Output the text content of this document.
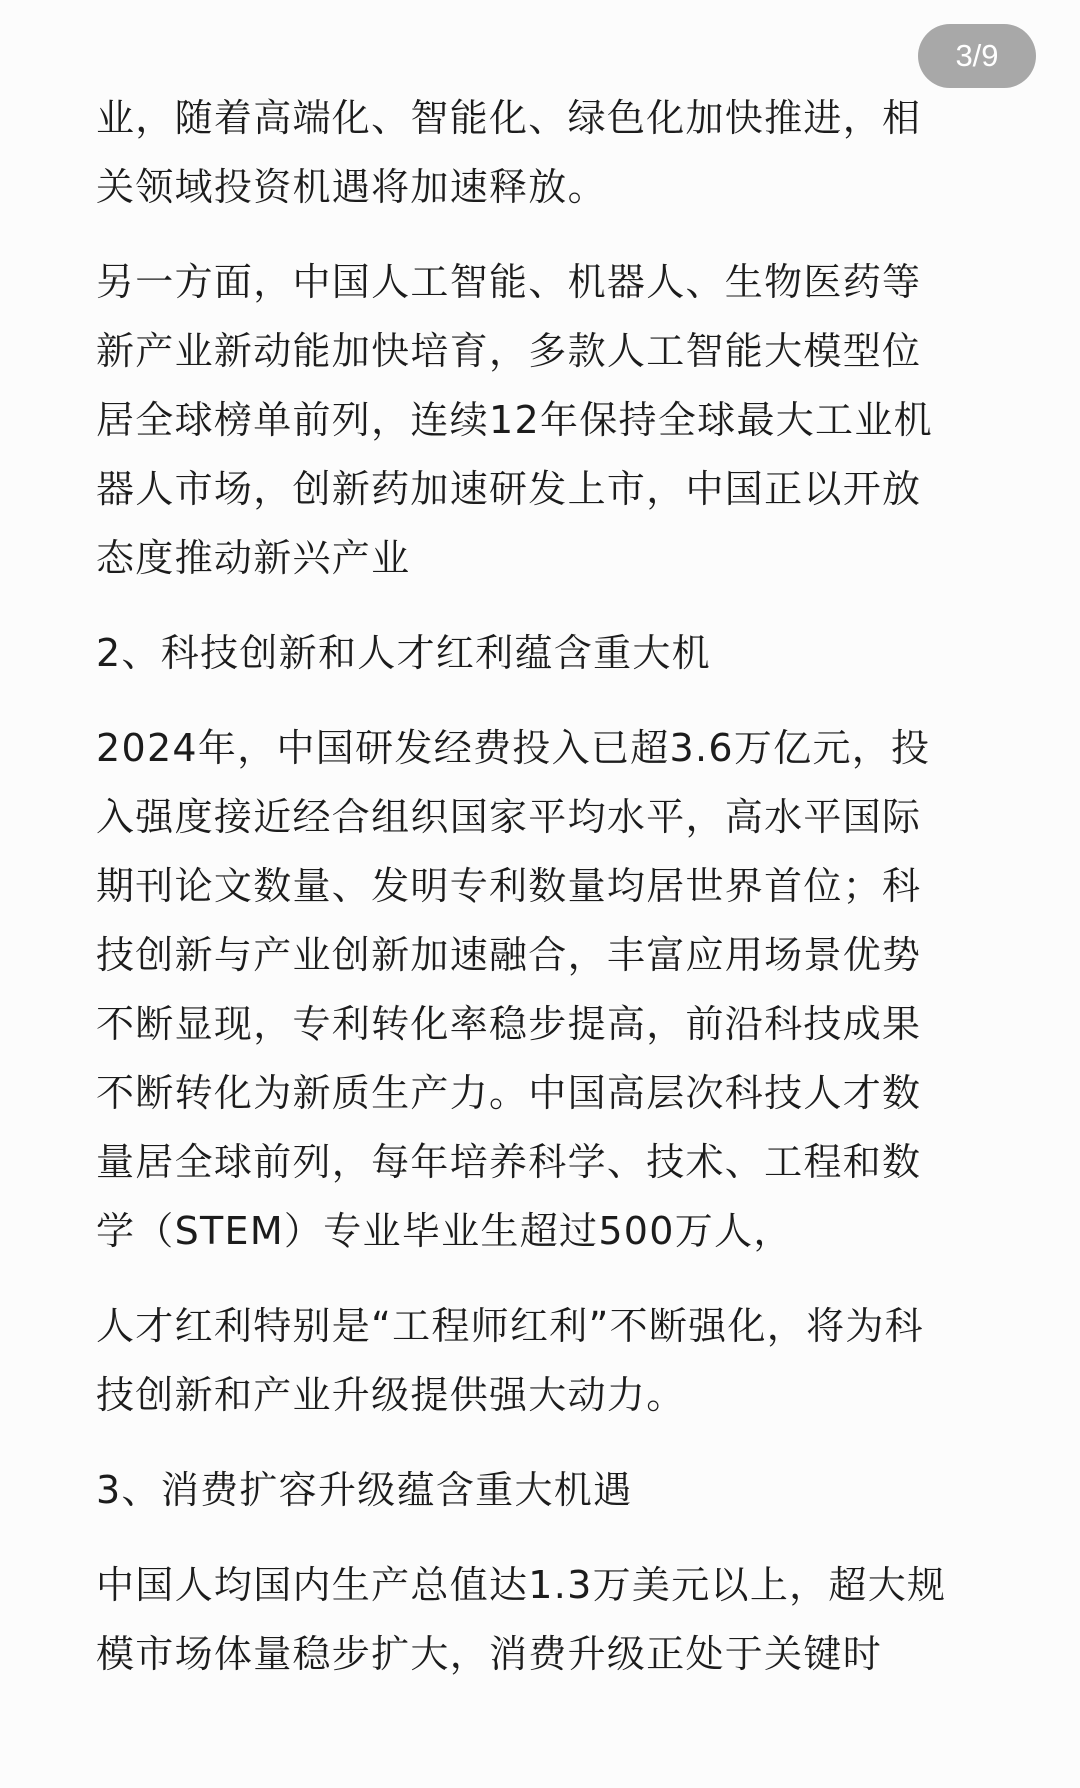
3/9

业，随着高端化、智能化、绿色化加快推进，相
关领域投资机遇将加速释放。

另一方面，中国人工智能、机器人、生物医药等
新产业新动能加快培育，多款人工智能大模型位
居全球榜单前列，连续12年保持全球最大工业机
器人市场，创新药加速研发上市，中国正以开放
态度推动新兴产业

2、科技创新和人才红利蕴含重大机

2024年，中国研发经费投入已超3.6万亿元，投
入强度接近经合组织国家平均水平，高水平国际
期刊论文数量、发明专利数量均居世界首位；科
技创新与产业创新加速融合，丰富应用场景优势
不断显现，专利转化率稳步提高，前沿科技成果
不断转化为新质生产力。中国高层次科技人才数
量居全球前列，每年培养科学、技术、工程和数
学（STEM）专业毕业生超过500万人，

人才红利特别是“工程师红利”不断强化，将为科
技创新和产业升级提供强大动力。

3、消费扩容升级蕴含重大机遇

中国人均国内生产总值达1.3万美元以上，超大规
模市场体量稳步扩大，消费升级正处于关键时
